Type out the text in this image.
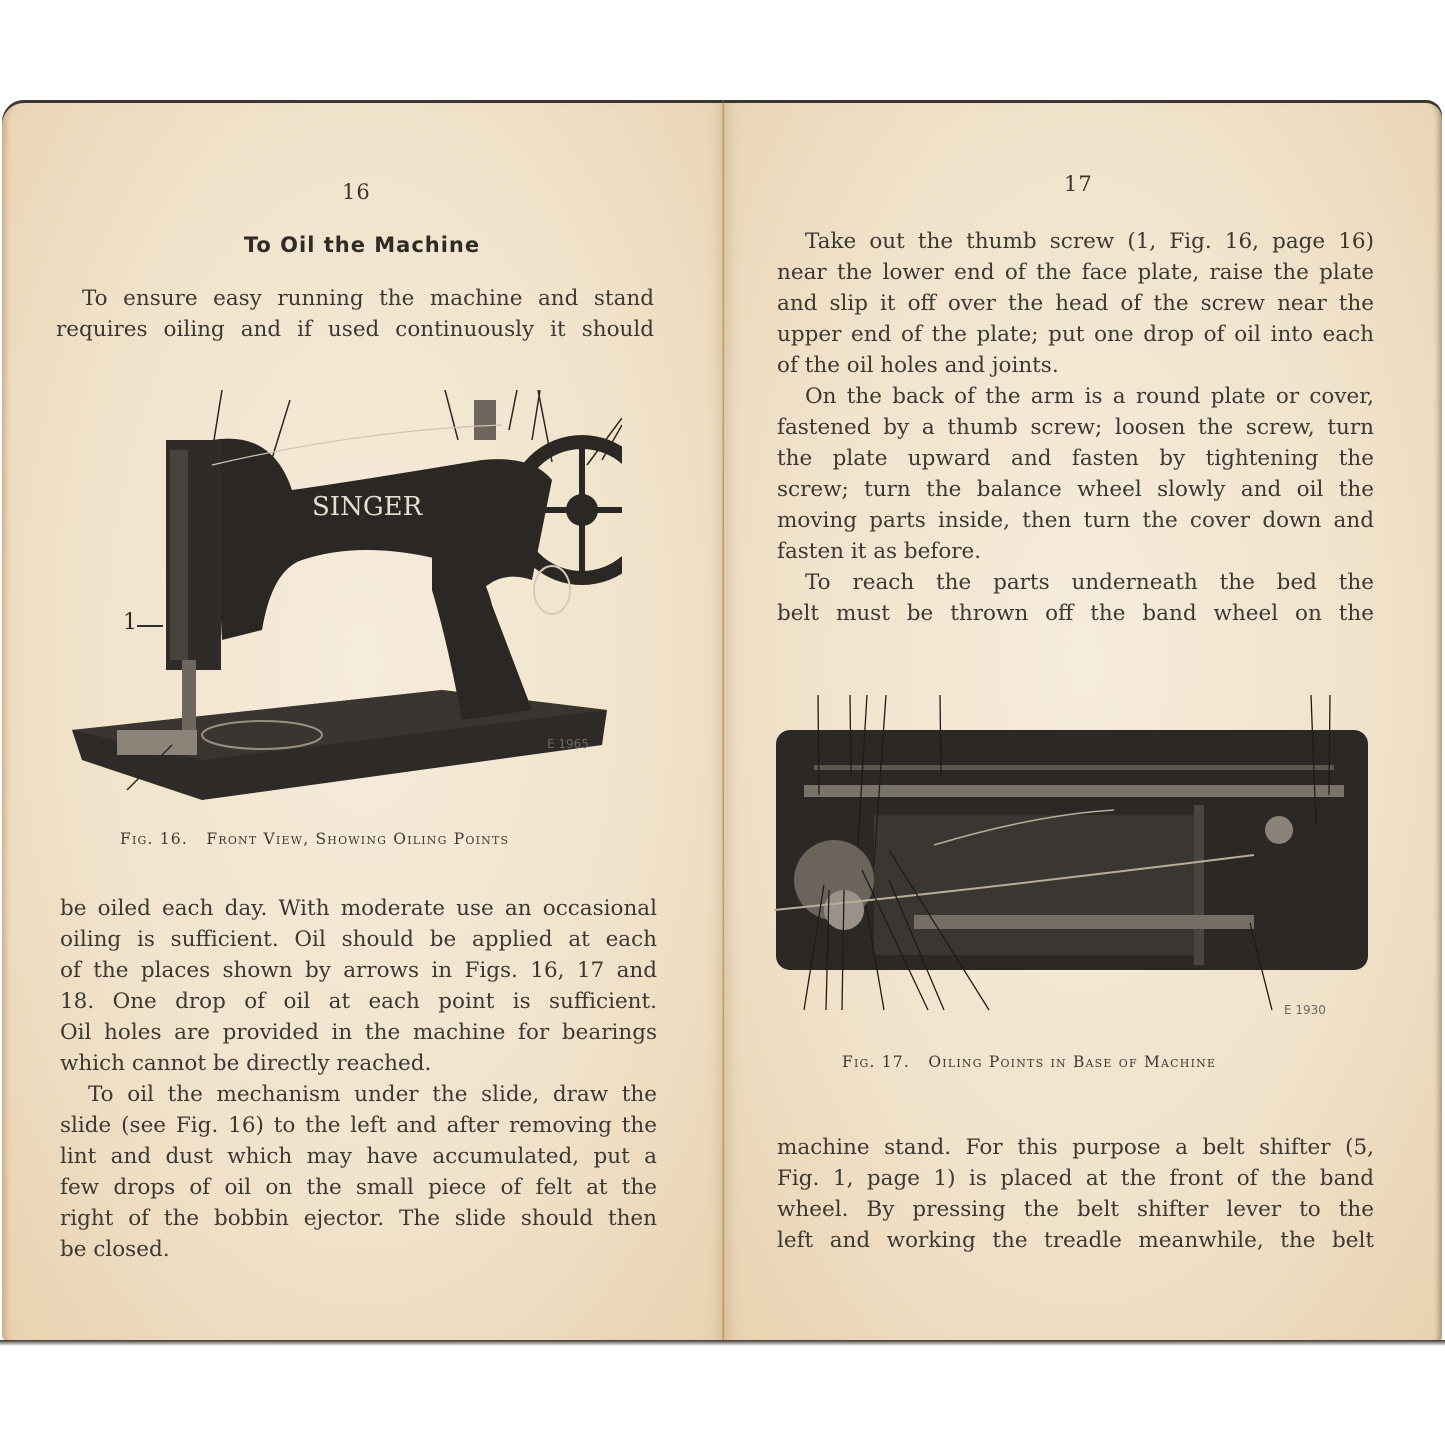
16
To Oil the Machine
To ensure easy running the machine and stand
requires oiling and if used continuously it should
SINGER
1
E 1965
Fig. 16. Front View, Showing Oiling Points
be oiled each day. With moderate use an occasional
oiling is sufficient. Oil should be applied at each
of the places shown by arrows in Figs. 16, 17 and
18. One drop of oil at each point is sufficient.
Oil holes are provided in the machine for bearings
which cannot be directly reached.
To oil the mechanism under the slide, draw the
slide (see Fig. 16) to the left and after removing the
lint and dust which may have accumulated, put a
few drops of oil on the small piece of felt at the
right of the bobbin ejector. The slide should then
be closed.
17
Take out the thumb screw (1, Fig. 16, page 16)
near the lower end of the face plate, raise the plate
and slip it off over the head of the screw near the
upper end of the plate; put one drop of oil into each
of the oil holes and joints.
On the back of the arm is a round plate or cover,
fastened by a thumb screw; loosen the screw, turn
the plate upward and fasten by tightening the
screw; turn the balance wheel slowly and oil the
moving parts inside, then turn the cover down and
fasten it as before.
To reach the parts underneath the bed the
belt must be thrown off the band wheel on the
E 1930
Fig. 17. Oiling Points in Base of Machine
machine stand. For this purpose a belt shifter (5,
Fig. 1, page 1) is placed at the front of the band
wheel. By pressing the belt shifter lever to the
left and working the treadle meanwhile, the belt
